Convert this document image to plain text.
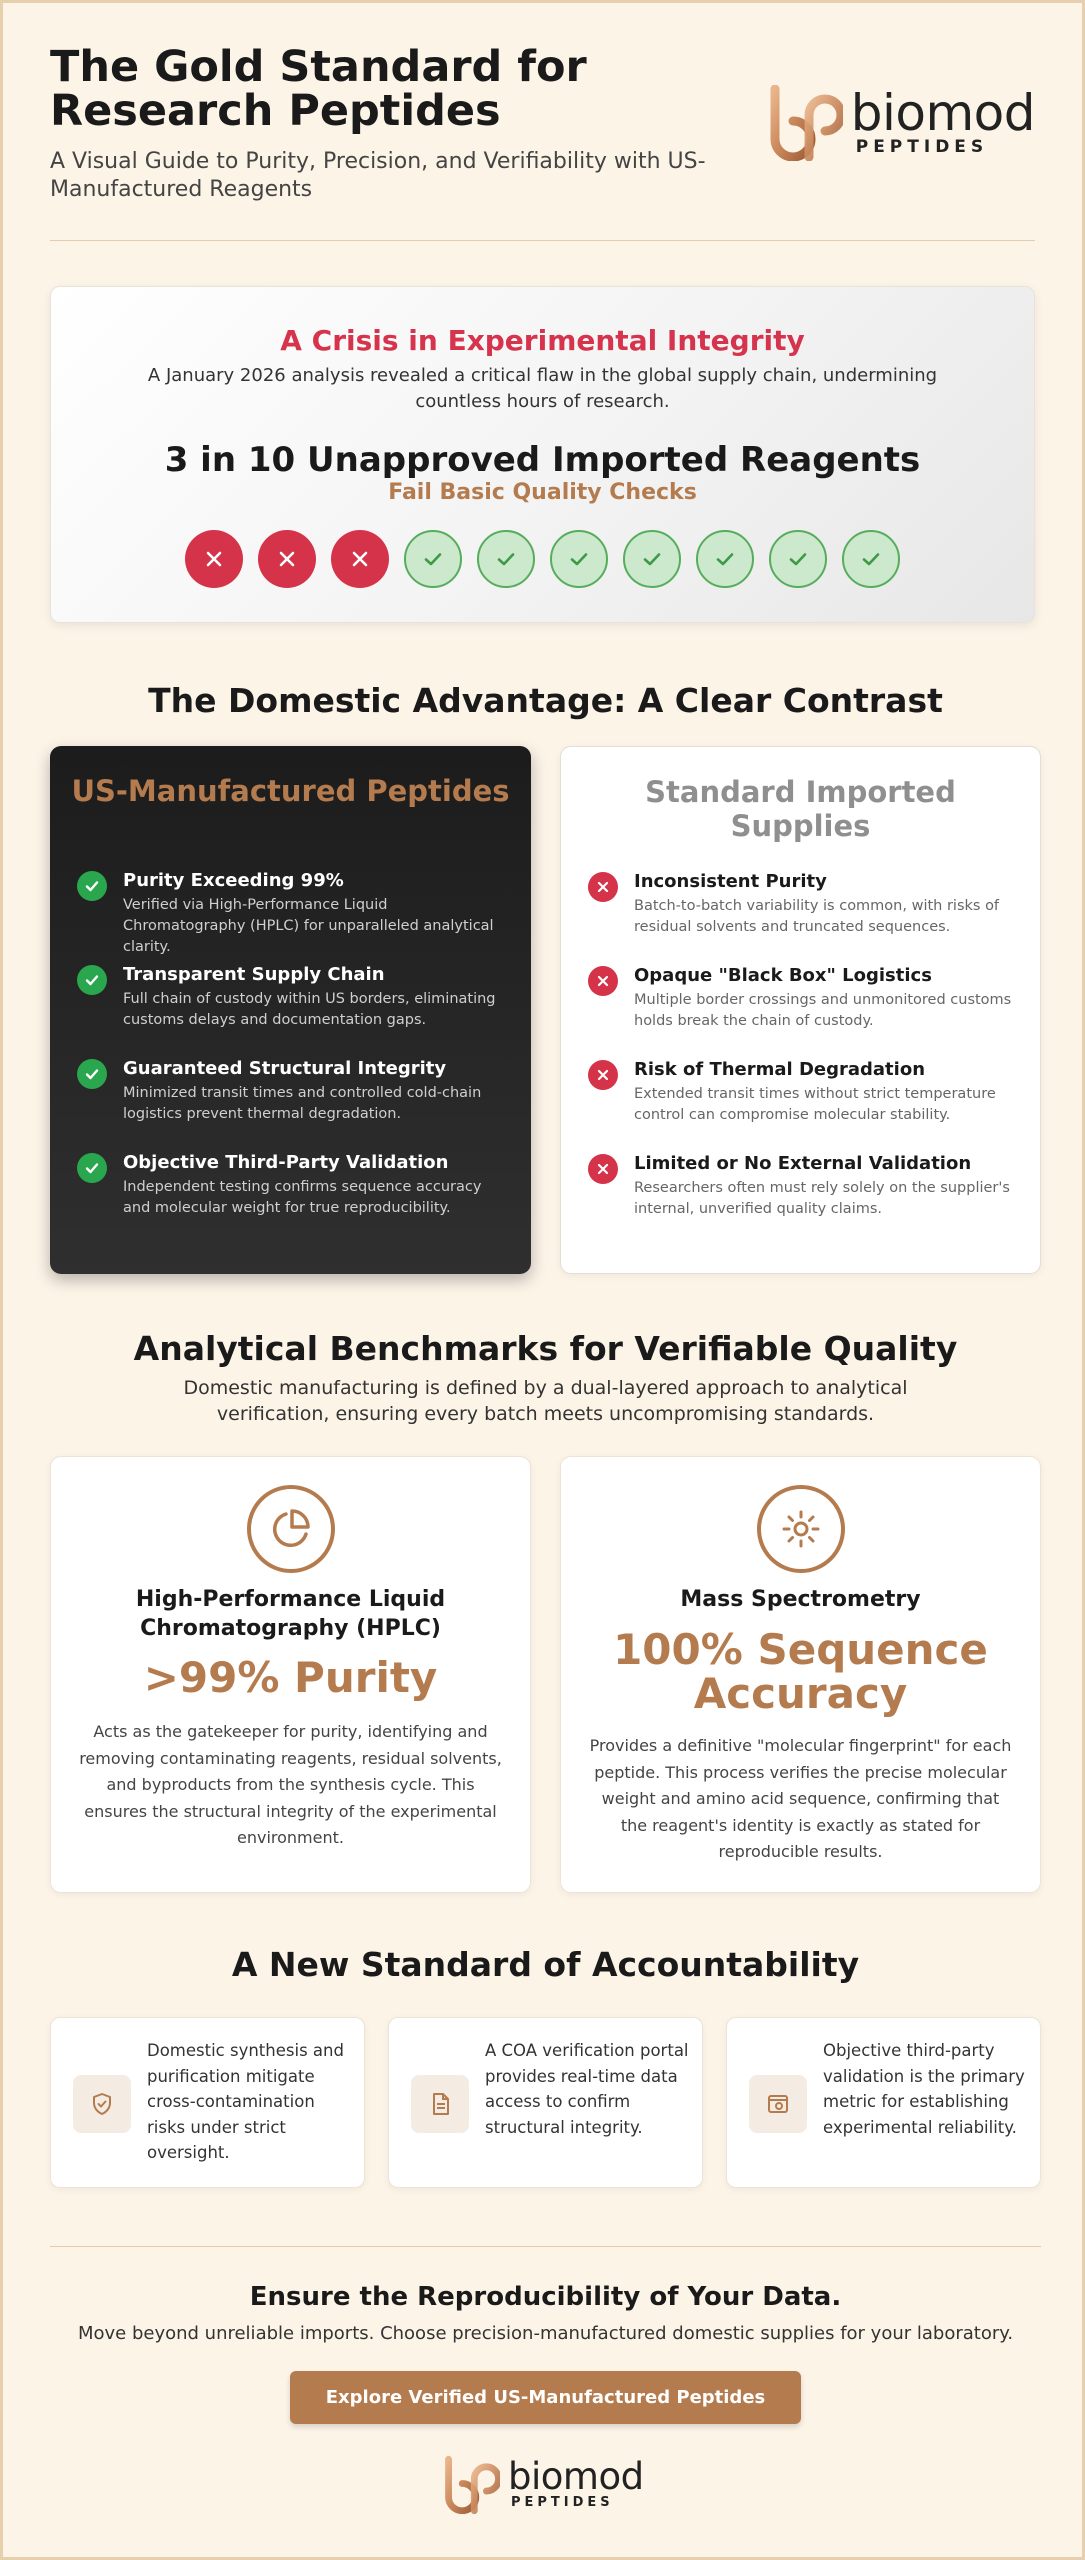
The Gold Standard for Research Peptides

A Visual Guide to Purity, Precision, and Verifiability with US-Manufactured Reagents

biomod
PEPTIDES
A Crisis in Experimental Integrity
A January 2026 analysis revealed a critical flaw in the global supply chain, undermining countless hours of research.
3 in 10 Unapproved Imported Reagents
Fail Basic Quality Checks
The Domestic Advantage: A Clear Contrast
US-Manufactured Peptides
Purity Exceeding 99%
Verified via High-Performance Liquid Chromatography (HPLC) for unparalleled analytical clarity.
Transparent Supply Chain
Full chain of custody within US borders, eliminating customs delays and documentation gaps.
Guaranteed Structural Integrity
Minimized transit times and controlled cold-chain logistics prevent thermal degradation.
Objective Third-Party Validation
Independent testing confirms sequence accuracy and molecular weight for true reproducibility.
Standard Imported Supplies
Inconsistent Purity
Batch-to-batch variability is common, with risks of residual solvents and truncated sequences.
Opaque "Black Box" Logistics
Multiple border crossings and unmonitored customs holds break the chain of custody.
Risk of Thermal Degradation
Extended transit times without strict temperature control can compromise molecular stability.
Limited or No External Validation
Researchers often must rely solely on the supplier's internal, unverified quality claims.
Analytical Benchmarks for Verifiable Quality
Domestic manufacturing is defined by a dual-layered approach to analytical verification, ensuring every batch meets uncompromising standards.
High-Performance Liquid Chromatography (HPLC)
>99% Purity
Acts as the gatekeeper for purity, identifying and removing contaminating reagents, residual solvents, and byproducts from the synthesis cycle. This ensures the structural integrity of the experimental environment.
Mass Spectrometry
100% Sequence Accuracy
Provides a definitive "molecular fingerprint" for each peptide. This process verifies the precise molecular weight and amino acid sequence, confirming that the reagent's identity is exactly as stated for reproducible results.
A New Standard of Accountability
Domestic synthesis and purification mitigate cross-contamination risks under strict oversight.
A COA verification portal provides real-time data access to confirm structural integrity.
Objective third-party validation is the primary metric for establishing experimental reliability.
Ensure the Reproducibility of Your Data.
Move beyond unreliable imports. Choose precision-manufactured domestic supplies for your laboratory.
Explore Verified US-Manufactured Peptides
biomod
PEPTIDES
